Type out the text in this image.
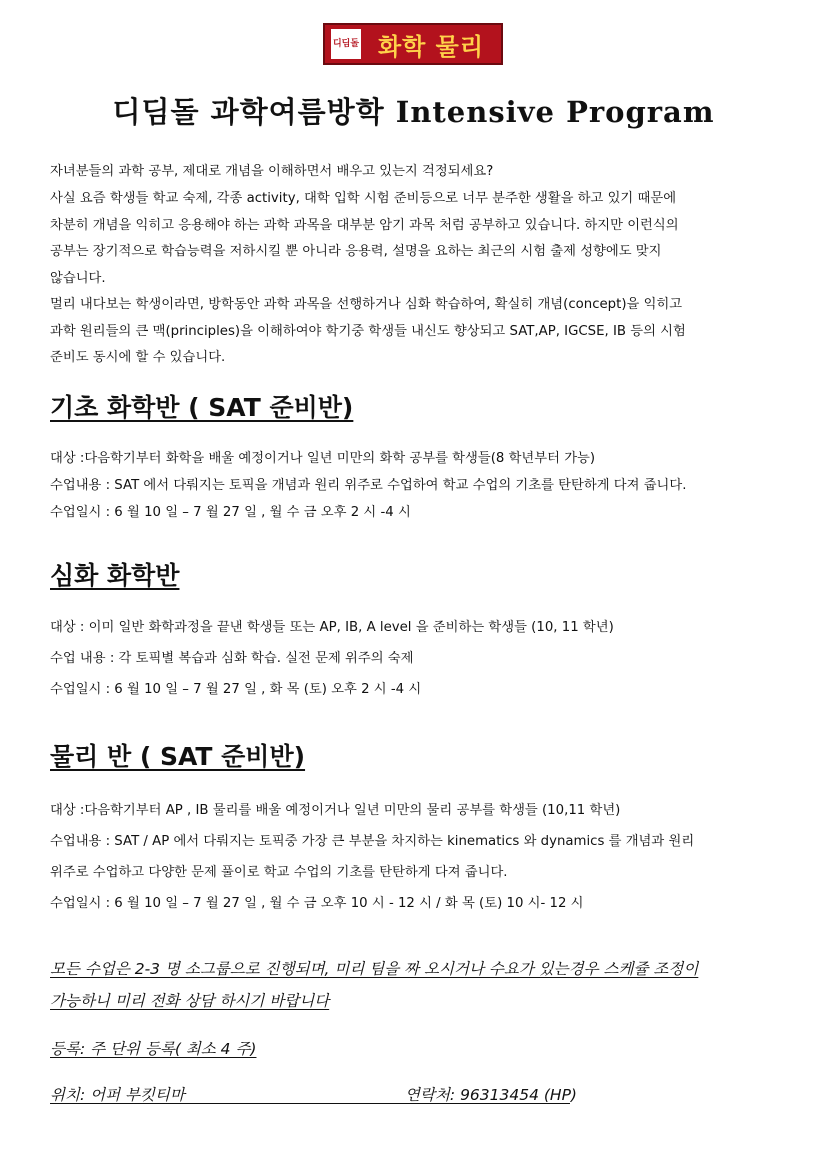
디딤돌 화학 물리
디딤돌 과학여름방학 Intensive Program

자녀분들의 과학 공부, 제대로 개념을 이해하면서 배우고 있는지 걱정되세요?

사실 요즘 학생들 학교 숙제, 각종 activity, 대학 입학 시험 준비등으로 너무 분주한 생활을 하고 있기 때문에

차분히 개념을 익히고 응용해야 하는 과학 과목을 대부분 암기 과목 처럼 공부하고 있습니다. 하지만 이런식의

공부는 장기적으로 학습능력을 저하시킬 뿐 아니라 응용력, 설명을 요하는 최근의 시험 출제 성향에도 맞지

않습니다.

멀리 내다보는 학생이라면, 방학동안 과학 과목을 선행하거나 심화 학습하여, 확실히 개념(concept)을 익히고

과학 원리들의 큰 맥(principles)을 이해하여야 학기중 학생들 내신도 향상되고 SAT,AP, IGCSE, IB 등의 시험

준비도 동시에 할 수 있습니다.

기초 화학반 ( SAT 준비반)

대상 :다음학기부터 화학을 배울 예정이거나 일년 미만의 화학 공부를 학생들(8 학년부터 가능)

수업내용 : SAT 에서 다뤄지는 토픽을 개념과 원리 위주로 수업하여 학교 수업의 기초를 탄탄하게 다져 줍니다.

수업일시 : 6 월 10 일 – 7 월 27 일 , 월 수 금 오후 2 시 -4 시

심화 화학반

대상 : 이미 일반 화학과정을 끝낸 학생들 또는 AP, IB, A level 을 준비하는 학생들 (10, 11 학년)

수업 내용 : 각 토픽별 복습과 심화 학습. 실전 문제 위주의 숙제

수업일시 : 6 월 10 일 – 7 월 27 일 , 화 목 (토) 오후 2 시 -4 시

물리 반 ( SAT 준비반)

대상 :다음학기부터 AP , IB 물리를 배울 예정이거나 일년 미만의 물리 공부를 학생들 (10,11 학년)

수업내용 : SAT / AP 에서 다뤄지는 토픽중 가장 큰 부분을 차지하는 kinematics 와 dynamics 를 개념과 원리

위주로 수업하고 다양한 문제 풀이로 학교 수업의 기초를 탄탄하게 다져 줍니다.

수업일시 : 6 월 10 일 – 7 월 27 일 , 월 수 금 오후 10 시 - 12 시 / 화 목 (토) 10 시- 12 시

모든 수업은 2-3 명 소그룹으로 진행되며, 미리 팀을 짜 오시거나 수요가 있는경우 스케쥴 조정이
가능하니 미리 전화 상담 하시기 바랍니다
등록: 주 단위 등록( 최소 4 주)
위치: 어퍼 부킷티마	연락처: 96313454 (HP)
